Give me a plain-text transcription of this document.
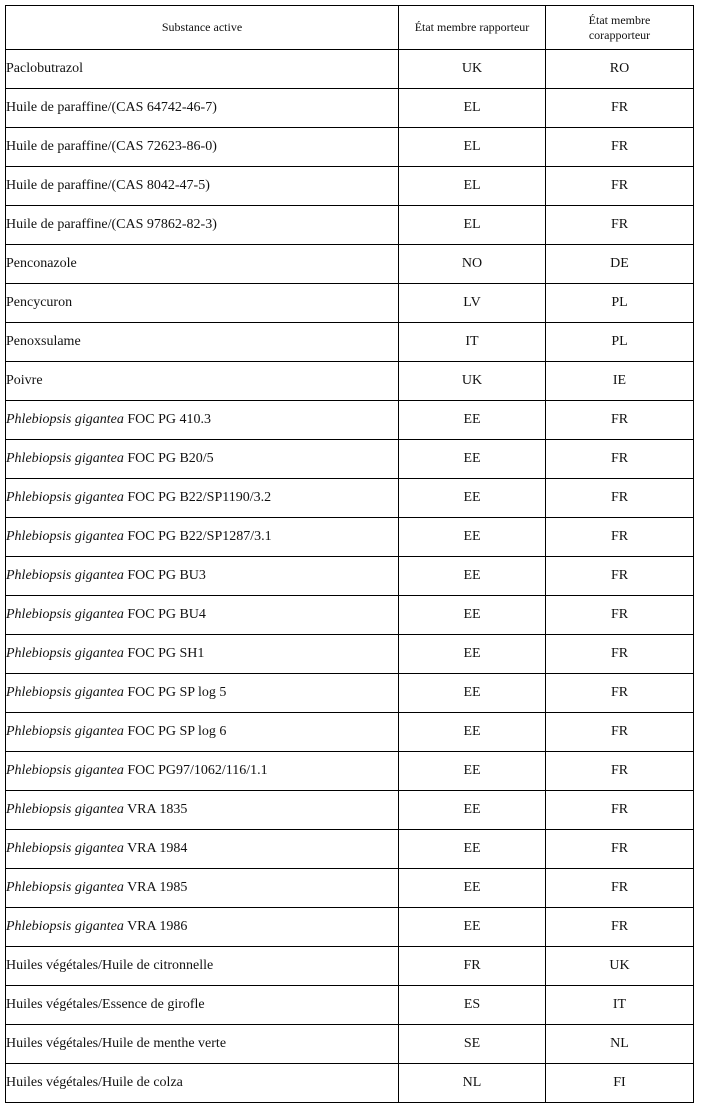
Substance active	État membre rapporteur	État membre
corapporteur
Paclobutrazol	UK	RO
Huile de paraffine/(CAS 64742-46-7)	EL	FR
Huile de paraffine/(CAS 72623-86-0)	EL	FR
Huile de paraffine/(CAS 8042-47-5)	EL	FR
Huile de paraffine/(CAS 97862-82-3)	EL	FR
Penconazole	NO	DE
Pencycuron	LV	PL
Penoxsulame	IT	PL
Poivre	UK	IE
Phlebiopsis gigantea FOC PG 410.3	EE	FR
Phlebiopsis gigantea FOC PG B20/5	EE	FR
Phlebiopsis gigantea FOC PG B22/SP1190/3.2	EE	FR
Phlebiopsis gigantea FOC PG B22/SP1287/3.1	EE	FR
Phlebiopsis gigantea FOC PG BU3	EE	FR
Phlebiopsis gigantea FOC PG BU4	EE	FR
Phlebiopsis gigantea FOC PG SH1	EE	FR
Phlebiopsis gigantea FOC PG SP log 5	EE	FR
Phlebiopsis gigantea FOC PG SP log 6	EE	FR
Phlebiopsis gigantea FOC PG97/1062/116/1.1	EE	FR
Phlebiopsis gigantea VRA 1835	EE	FR
Phlebiopsis gigantea VRA 1984	EE	FR
Phlebiopsis gigantea VRA 1985	EE	FR
Phlebiopsis gigantea VRA 1986	EE	FR
Huiles végétales/Huile de citronnelle	FR	UK
Huiles végétales/Essence de girofle	ES	IT
Huiles végétales/Huile de menthe verte	SE	NL
Huiles végétales/Huile de colza	NL	FI
